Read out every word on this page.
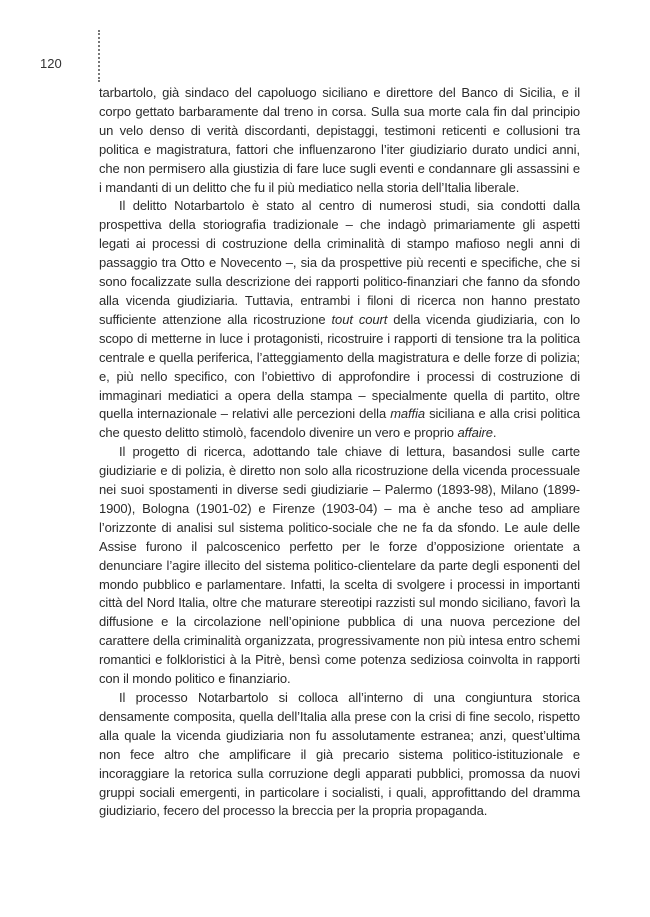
120

tarbartolo, già sindaco del capoluogo siciliano e direttore del Banco di Sicilia, e il corpo gettato barbaramente dal treno in corsa. Sulla sua morte cala fin dal principio un velo denso di verità discordanti, depistaggi, testimoni reticenti e collusioni tra politica e magistratura, fattori che influenzarono l’iter giudiziario durato undici anni, che non permisero alla giustizia di fare luce sugli eventi e condannare gli assassini e i mandanti di un delitto che fu il più mediatico nella storia dell’Italia liberale.

Il delitto Notarbartolo è stato al centro di numerosi studi, sia condotti dalla prospettiva della storiografia tradizionale – che indagò primariamente gli aspetti legati ai processi di costruzione della criminalità di stampo mafioso negli anni di passaggio tra Otto e Novecento –, sia da prospettive più recenti e specifiche, che si sono focalizzate sulla descrizione dei rapporti politico-finanziari che fanno da sfondo alla vicenda giudiziaria. Tuttavia, entrambi i filoni di ricerca non hanno prestato sufficiente attenzione alla ricostruzione tout court della vicenda giudiziaria, con lo scopo di metterne in luce i protagonisti, ricostruire i rapporti di tensione tra la politica centrale e quella periferica, l’atteggiamento della magistratura e delle forze di polizia; e, più nello specifico, con l’obiettivo di approfondire i processi di costruzione di immaginari mediatici a opera della stampa – specialmente quella di partito, oltre quella internazionale – relativi alle percezioni della maffia siciliana e alla crisi politica che questo delitto stimolò, facendolo divenire un vero e proprio affaire.

Il progetto di ricerca, adottando tale chiave di lettura, basandosi sulle carte giudiziarie e di polizia, è diretto non solo alla ricostruzione della vicenda processuale nei suoi spostamenti in diverse sedi giudiziarie – Palermo (1893-98), Milano (1899-1900), Bologna (1901-02) e Firenze (1903-04) – ma è anche teso ad ampliare l’orizzonte di analisi sul sistema politico-sociale che ne fa da sfondo. Le aule delle Assise furono il palcoscenico perfetto per le forze d’opposizione orientate a denunciare l’agire illecito del sistema politico-clientelare da parte degli esponenti del mondo pubblico e parlamentare. Infatti, la scelta di svolgere i processi in importanti città del Nord Italia, oltre che maturare stereotipi razzisti sul mondo siciliano, favorì la diffusione e la circolazione nell’opinione pubblica di una nuova percezione del carattere della criminalità organizzata, progressivamente non più intesa entro schemi romantici e folkloristici à la Pitrè, bensì come potenza sediziosa coinvolta in rapporti con il mondo politico e finanziario.

Il processo Notarbartolo si colloca all’interno di una congiuntura storica densamente composita, quella dell’Italia alla prese con la crisi di fine secolo, rispetto alla quale la vicenda giudiziaria non fu assolutamente estranea; anzi, quest’ultima non fece altro che amplificare il già precario sistema politico-istituzionale e incoraggiare la retorica sulla corruzione degli apparati pubblici, promossa da nuovi gruppi sociali emergenti, in particolare i socialisti, i quali, approfittando del dramma giudiziario, fecero del processo la breccia per la propria propaganda.
